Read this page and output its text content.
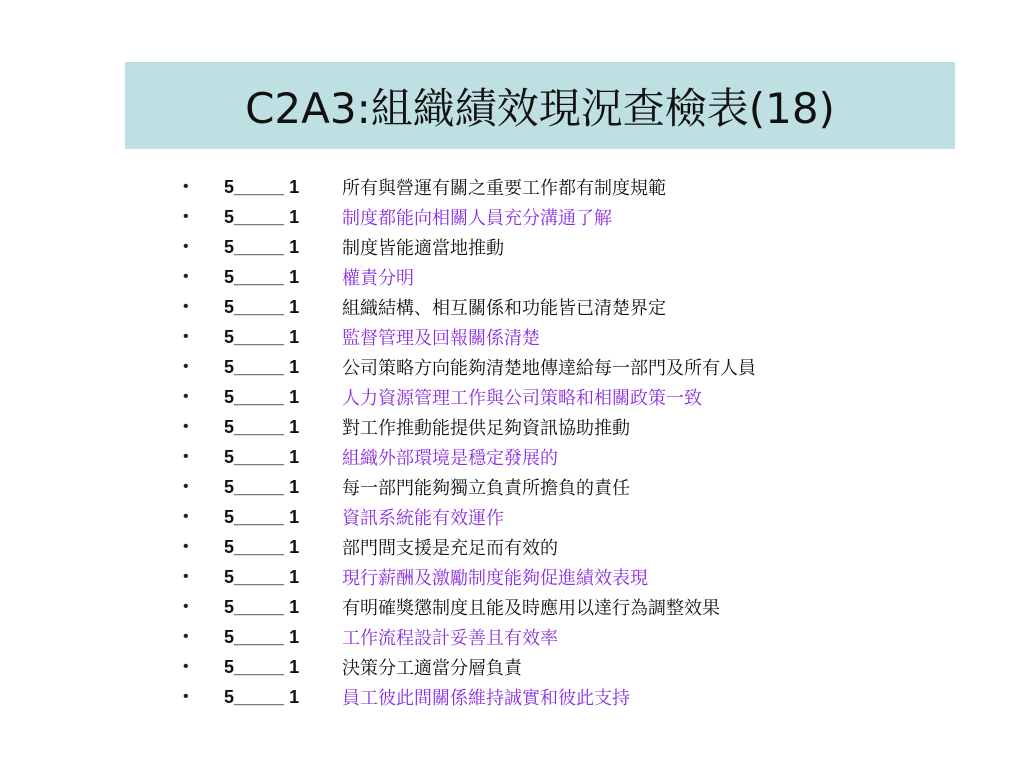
C2A3:組織績效現況查檢表(18)
•	5_____ 1	所有與營運有關之重要工作都有制度規範
•	5_____ 1	制度都能向相關人員充分溝通了解
•	5_____ 1	制度皆能適當地推動
•	5_____ 1	權責分明
•	5_____ 1	組織結構、相互關係和功能皆已清楚界定
•	5_____ 1	監督管理及回報關係清楚
•	5_____ 1	公司策略方向能夠清楚地傳達給每一部門及所有人員
•	5_____ 1	人力資源管理工作與公司策略和相關政策一致
•	5_____ 1	對工作推動能提供足夠資訊協助推動
•	5_____ 1	組織外部環境是穩定發展的
•	5_____ 1	每一部門能夠獨立負責所擔負的責任
•	5_____ 1	資訊系統能有效運作
•	5_____ 1	部門間支援是充足而有效的
•	5_____ 1	現行薪酬及激勵制度能夠促進績效表現
•	5_____ 1	有明確獎懲制度且能及時應用以達行為調整效果
•	5_____ 1	工作流程設計妥善且有效率
•	5_____ 1	決策分工適當分層負責
•	5_____ 1	員工彼此間關係維持誠實和彼此支持
